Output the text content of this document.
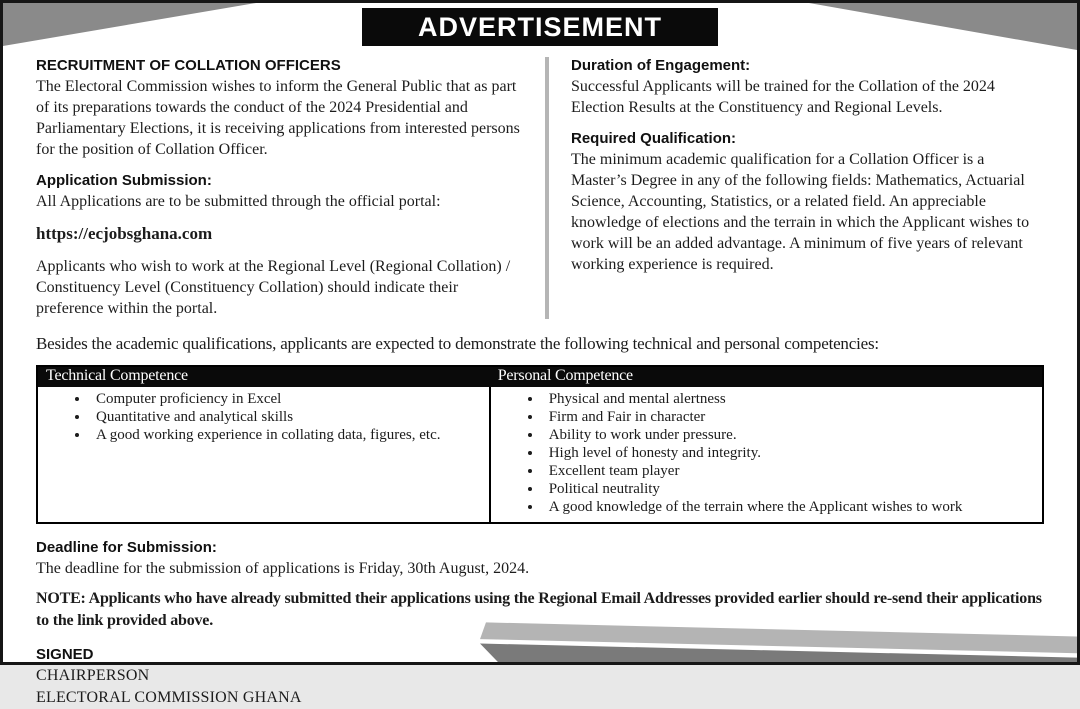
ADVERTISEMENT
RECRUITMENT OF COLLATION OFFICERS
The Electoral Commission wishes to inform the General Public that as part of its preparations towards the conduct of the 2024 Presidential and Parliamentary Elections, it is receiving applications from interested persons for the position of Collation Officer.
Application Submission:
All Applications are to be submitted through the official portal:
https://ecjobsghana.com
Applicants who wish to work at the Regional Level (Regional Collation) / Constituency Level (Constituency Collation) should indicate their preference within the portal.
Duration of Engagement:
Successful Applicants will be trained for the Collation of the 2024 Election Results at the Constituency and Regional Levels.
Required Qualification:
The minimum academic qualification for a Collation Officer is a Master’s Degree in any of the following fields: Mathematics, Actuarial Science, Accounting, Statistics, or a related field. An appreciable knowledge of elections and the terrain in which the Applicant wishes to work will be an added advantage. A minimum of five years of relevant working experience is required.
Besides the academic qualifications, applicants are expected to demonstrate the following technical and personal competencies:
Technical Competence	Personal Competence

• Computer proficiency in Excel
• Quantitative and analytical skills
• A good working experience in collating data, figures, etc.

• Physical and mental alertness
• Firm and Fair in character
• Ability to work under pressure.
• High level of honesty and integrity.
• Excellent team player
• Political neutrality
• A good knowledge of the terrain where the Applicant wishes to work
Deadline for Submission:
The deadline for the submission of applications is Friday, 30th August, 2024.
NOTE: Applicants who have already submitted their applications using the Regional Email Addresses provided earlier should re-send their applications to the link provided above.
SIGNED
CHAIRPERSON
ELECTORAL COMMISSION GHANA
